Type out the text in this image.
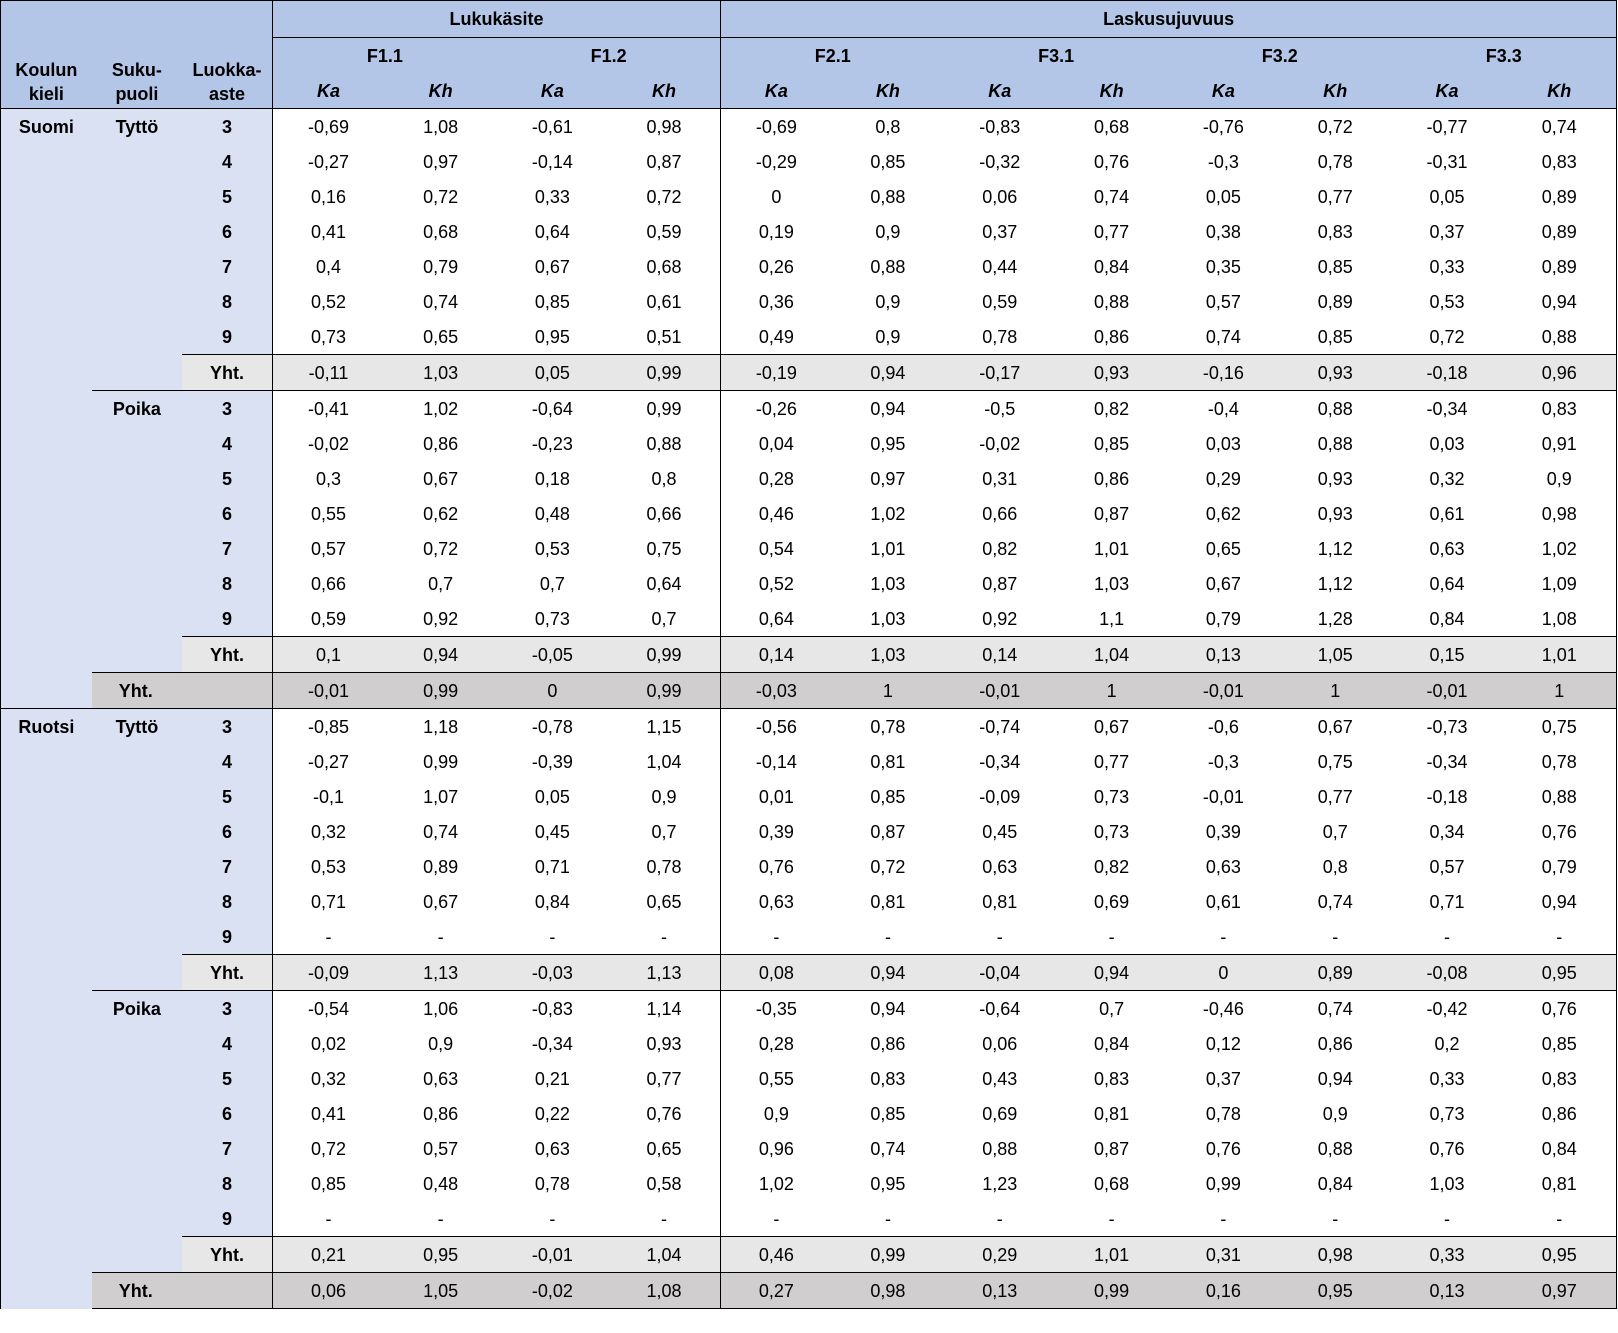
Koulun kieli	Suku-puoli	Luokka-aste	Lukukäsite				Laskusujuvuus							
			F1.1		F1.2		F2.1		F3.1		F3.2		F3.3	
			Ka	Kh	Ka	Kh	Ka	Kh	Ka	Kh	Ka	Kh	Ka	Kh
Suomi	Tyttö	3	-0,69	1,08	-0,61	0,98	-0,69	0,8	-0,83	0,68	-0,76	0,72	-0,77	0,74
		4	-0,27	0,97	-0,14	0,87	-0,29	0,85	-0,32	0,76	-0,3	0,78	-0,31	0,83
		5	0,16	0,72	0,33	0,72	0	0,88	0,06	0,74	0,05	0,77	0,05	0,89
		6	0,41	0,68	0,64	0,59	0,19	0,9	0,37	0,77	0,38	0,83	0,37	0,89
		7	0,4	0,79	0,67	0,68	0,26	0,88	0,44	0,84	0,35	0,85	0,33	0,89
		8	0,52	0,74	0,85	0,61	0,36	0,9	0,59	0,88	0,57	0,89	0,53	0,94
		9	0,73	0,65	0,95	0,51	0,49	0,9	0,78	0,86	0,74	0,85	0,72	0,88
		Yht.	-0,11	1,03	0,05	0,99	-0,19	0,94	-0,17	0,93	-0,16	0,93	-0,18	0,96
	Poika	3	-0,41	1,02	-0,64	0,99	-0,26	0,94	-0,5	0,82	-0,4	0,88	-0,34	0,83
		4	-0,02	0,86	-0,23	0,88	0,04	0,95	-0,02	0,85	0,03	0,88	0,03	0,91
		5	0,3	0,67	0,18	0,8	0,28	0,97	0,31	0,86	0,29	0,93	0,32	0,9
		6	0,55	0,62	0,48	0,66	0,46	1,02	0,66	0,87	0,62	0,93	0,61	0,98
		7	0,57	0,72	0,53	0,75	0,54	1,01	0,82	1,01	0,65	1,12	0,63	1,02
		8	0,66	0,7	0,7	0,64	0,52	1,03	0,87	1,03	0,67	1,12	0,64	1,09
		9	0,59	0,92	0,73	0,7	0,64	1,03	0,92	1,1	0,79	1,28	0,84	1,08
		Yht.	0,1	0,94	-0,05	0,99	0,14	1,03	0,14	1,04	0,13	1,05	0,15	1,01
	Yht.		-0,01	0,99	0	0,99	-0,03	1	-0,01	1	-0,01	1	-0,01	1
Ruotsi	Tyttö	3	-0,85	1,18	-0,78	1,15	-0,56	0,78	-0,74	0,67	-0,6	0,67	-0,73	0,75
		4	-0,27	0,99	-0,39	1,04	-0,14	0,81	-0,34	0,77	-0,3	0,75	-0,34	0,78
		5	-0,1	1,07	0,05	0,9	0,01	0,85	-0,09	0,73	-0,01	0,77	-0,18	0,88
		6	0,32	0,74	0,45	0,7	0,39	0,87	0,45	0,73	0,39	0,7	0,34	0,76
		7	0,53	0,89	0,71	0,78	0,76	0,72	0,63	0,82	0,63	0,8	0,57	0,79
		8	0,71	0,67	0,84	0,65	0,63	0,81	0,81	0,69	0,61	0,74	0,71	0,94
		9	-	-	-	-	-	-	-	-	-	-	-	-
		Yht.	-0,09	1,13	-0,03	1,13	0,08	0,94	-0,04	0,94	0	0,89	-0,08	0,95
	Poika	3	-0,54	1,06	-0,83	1,14	-0,35	0,94	-0,64	0,7	-0,46	0,74	-0,42	0,76
		4	0,02	0,9	-0,34	0,93	0,28	0,86	0,06	0,84	0,12	0,86	0,2	0,85
		5	0,32	0,63	0,21	0,77	0,55	0,83	0,43	0,83	0,37	0,94	0,33	0,83
		6	0,41	0,86	0,22	0,76	0,9	0,85	0,69	0,81	0,78	0,9	0,73	0,86
		7	0,72	0,57	0,63	0,65	0,96	0,74	0,88	0,87	0,76	0,88	0,76	0,84
		8	0,85	0,48	0,78	0,58	1,02	0,95	1,23	0,68	0,99	0,84	1,03	0,81
		9	-	-	-	-	-	-	-	-	-	-	-	-
		Yht.	0,21	0,95	-0,01	1,04	0,46	0,99	0,29	1,01	0,31	0,98	0,33	0,95
	Yht.		0,06	1,05	-0,02	1,08	0,27	0,98	0,13	0,99	0,16	0,95	0,13	0,97
